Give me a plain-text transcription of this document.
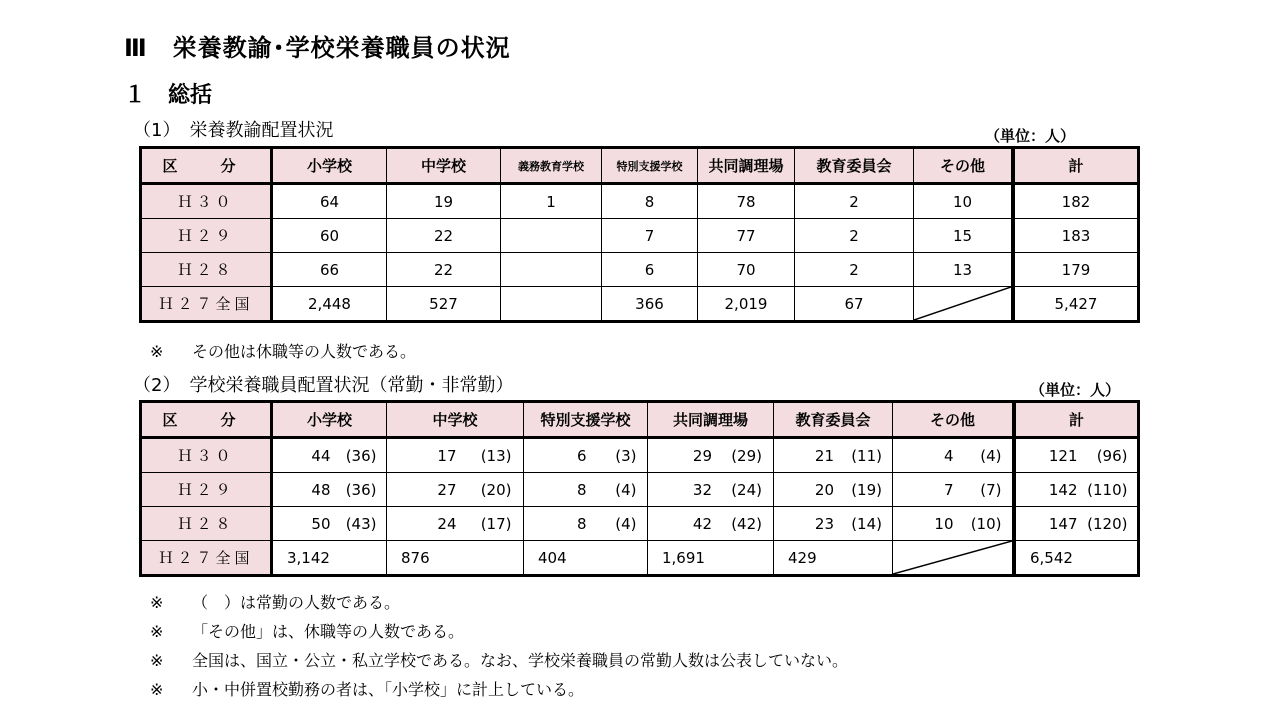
Ⅲ　栄養教諭･学校栄養職員の状況
１　総括
（1）　栄養教諭配置状況	（単位：人）
区　分	小学校	中学校	義務教育学校	特別支援学校	共同調理場	教育委員会	その他	計
Ｈ３０	64	19	1	8	78	2	10	182
Ｈ２９	60	22		7	77	2	15	183
Ｈ２８	66	22		6	70	2	13	179
Ｈ２７全国	2,448	527		366	2,019	67		5,427
※ その他は休職等の人数である。
（2）　学校栄養職員配置状況（常勤・非常勤）	（単位：人）
区　分	小学校	中学校	特別支援学校	共同調理場	教育委員会	その他	計
Ｈ３０	44 (36)	17 (13)	6 (3)	29 (29)	21 (11)	4 (4)	121 (96)
Ｈ２９	48 (36)	27 (20)	8 (4)	32 (24)	20 (19)	7 (7)	142 (110)
Ｈ２８	50 (43)	24 (17)	8 (4)	42 (42)	23 (14)	10 (10)	147 (120)
Ｈ２７全国	3,142	876	404	1,691	429		6,542
※ （　）は常勤の人数である。
※ 「その他」は、休職等の人数である。
※ 全国は、国立・公立・私立学校である。なお、学校栄養職員の常勤人数は公表していない。
※ 小・中併置校勤務の者は、「小学校」に計上している。
